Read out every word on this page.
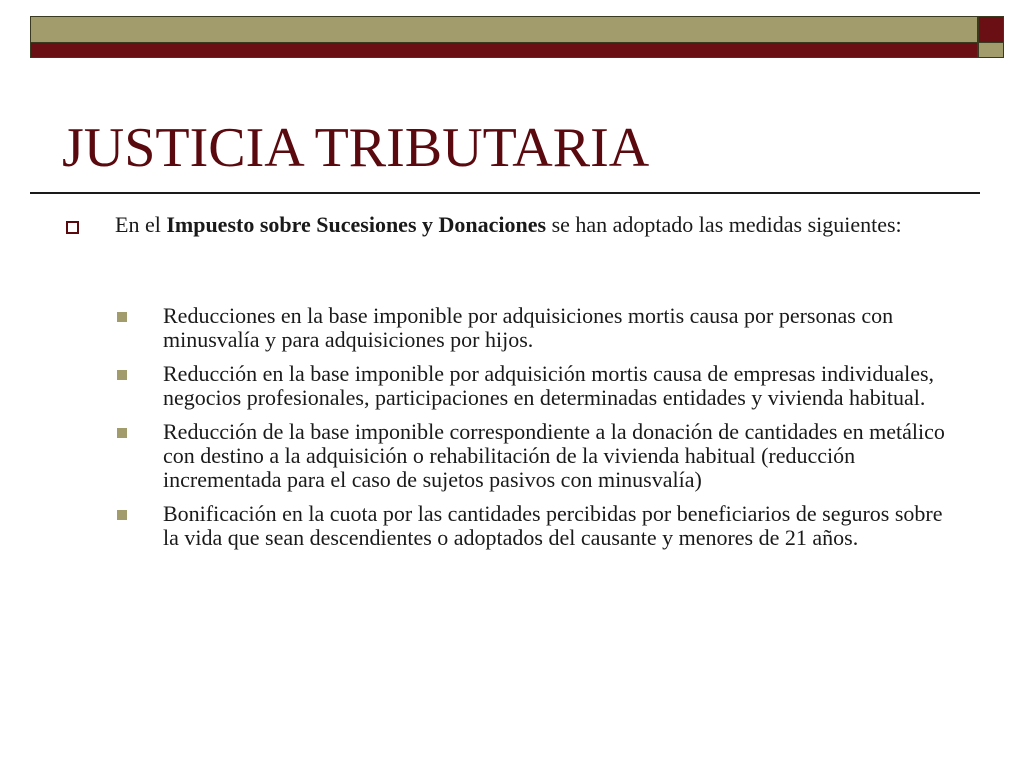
JUSTICIA TRIBUTARIA

En el Impuesto sobre Sucesiones y Donaciones se han adoptado las medidas siguientes:

Reducciones en la base imponible por adquisiciones mortis causa por personas con minusvalía y para adquisiciones por hijos.

Reducción en la base imponible por adquisición mortis causa de empresas individuales, negocios profesionales, participaciones en determinadas entidades y vivienda habitual.

Reducción de la base imponible correspondiente a la donación de cantidades en metálico con destino a la adquisición o rehabilitación de la vivienda habitual (reducción incrementada para el caso de sujetos pasivos con minusvalía)

Bonificación en la cuota por las cantidades percibidas por beneficiarios de seguros sobre la vida que sean descendientes o adoptados del causante y menores de 21 años.
